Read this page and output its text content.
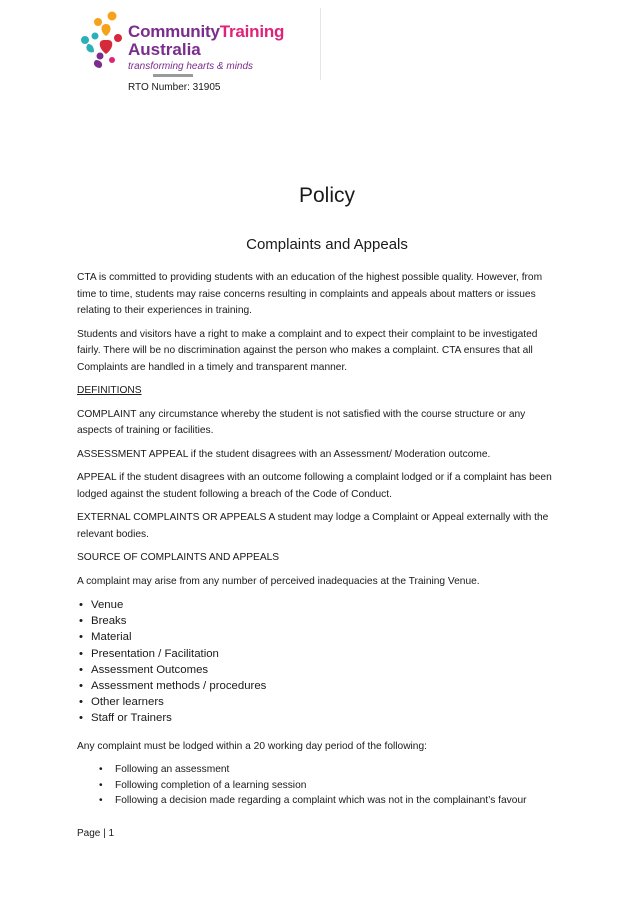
CommunityTraining
Australia
transforming hearts & minds
RTO Number: 31905
Policy
Complaints and Appeals

CTA is committed to providing students with an education of the highest possible quality. However, from time to time, students may raise concerns resulting in complaints and appeals about matters or issues relating to their experiences in training.

Students and visitors have a right to make a complaint and to expect their complaint to be investigated fairly. There will be no discrimination against the person who makes a complaint. CTA ensures that all Complaints are handled in a timely and transparent manner.

DEFINITIONS

COMPLAINT any circumstance whereby the student is not satisfied with the course structure or any aspects of training or facilities.

ASSESSMENT APPEAL if the student disagrees with an Assessment/ Moderation outcome.

APPEAL if the student disagrees with an outcome following a complaint lodged or if a complaint has been lodged against the student following a breach of the Code of Conduct.

EXTERNAL COMPLAINTS OR APPEALS A student may lodge a Complaint or Appeal externally with the relevant bodies.

SOURCE OF COMPLAINTS AND APPEALS

A complaint may arise from any number of perceived inadequacies at the Training Venue.

• Venue
• Breaks
• Material
• Presentation / Facilitation
• Assessment Outcomes
• Assessment methods / procedures
• Other learners
• Staff or Trainers

Any complaint must be lodged within a 20 working day period of the following:

• Following an assessment
• Following completion of a learning session
• Following a decision made regarding a complaint which was not in the complainant’s favour
Page | 1
